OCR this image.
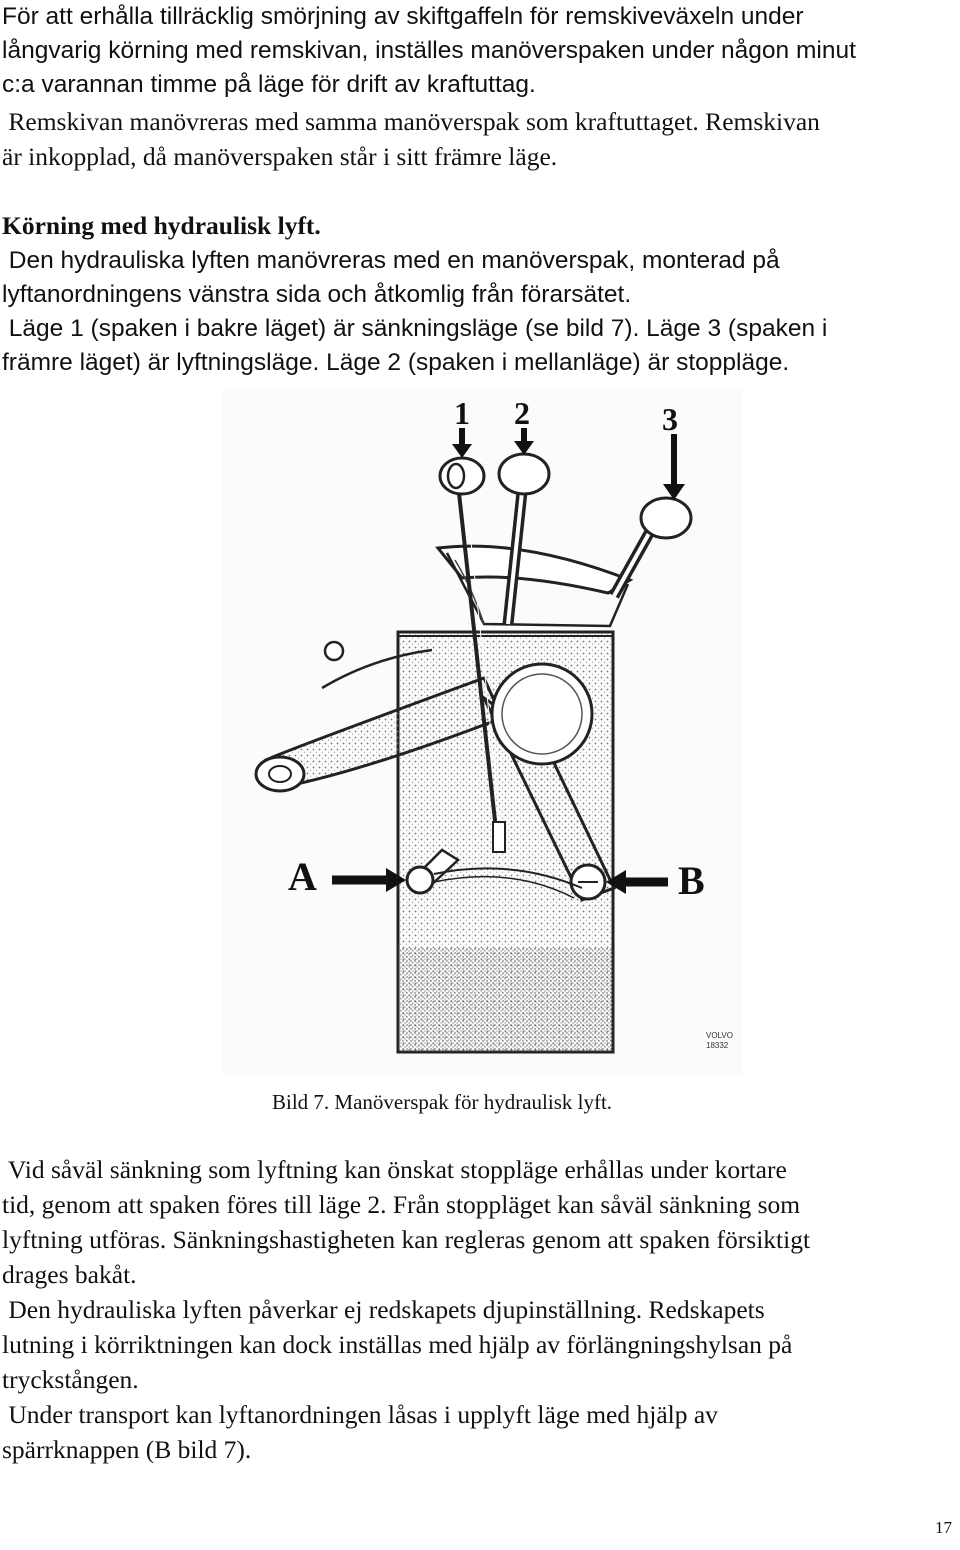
För att erhålla tillräcklig smörjning av skiftgaffeln för remskiveväxeln under

långvarig körning med remskivan, inställes manöverspaken under någon minut

c:a varannan timme på läge för drift av kraftuttag.

Remskivan manövreras med samma manöverspak som kraftuttaget. Remskivan

är inkopplad, då manöverspaken står i sitt främre läge.

Körning med hydraulisk lyft.

Den hydrauliska lyften manövreras med en manöverspak, monterad på

lyftanordningens vänstra sida och åtkomlig från förarsätet.

Läge 1 (spaken i bakre läget) är sänkningsläge (se bild 7). Läge 3 (spaken i

främre läget) är lyftningsläge. Läge 2 (spaken i mellanläge) är stoppläge.

1 2	3
A	B
VOLVO
18332
Bild 7. Manöverspak för hydraulisk lyft.

Vid såväl sänkning som lyftning kan önskat stoppläge erhållas under kortare

tid, genom att spaken föres till läge 2. Från stoppläget kan såväl sänkning som

lyftning utföras. Sänkningshastigheten kan regleras genom att spaken försiktigt

drages bakåt.

Den hydrauliska lyften påverkar ej redskapets djupinställning. Redskapets

lutning i körriktningen kan dock inställas med hjälp av förlängningshylsan på

tryckstången.

Under transport kan lyftanordningen låsas i upplyft läge med hjälp av

spärrknappen (B bild 7).

17
